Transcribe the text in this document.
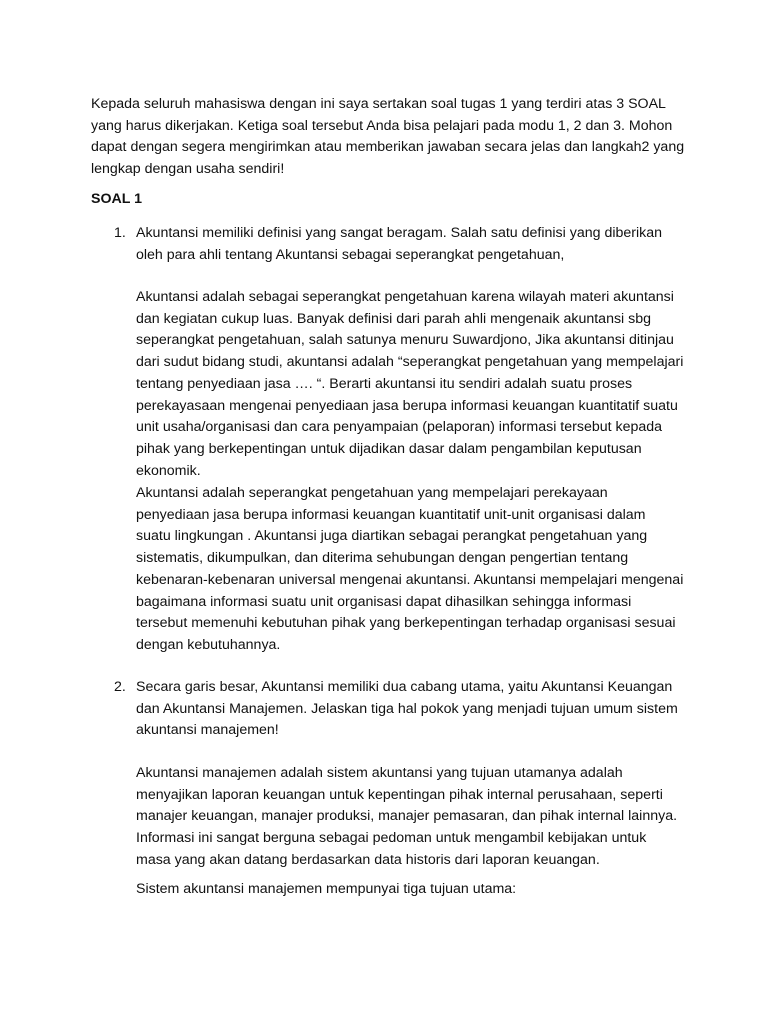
Kepada seluruh mahasiswa dengan ini saya sertakan soal tugas 1 yang terdiri atas 3 SOAL yang harus dikerjakan. Ketiga soal tersebut Anda bisa pelajari pada modu 1, 2 dan 3. Mohon dapat dengan segera mengirimkan atau memberikan jawaban secara jelas dan langkah2 yang lengkap dengan usaha sendiri!

SOAL 1

1. Akuntansi memiliki definisi yang sangat beragam. Salah satu definisi yang diberikan oleh para ahli tentang Akuntansi sebagai seperangkat pengetahuan,

Akuntansi adalah sebagai seperangkat pengetahuan karena wilayah materi akuntansi dan kegiatan cukup luas. Banyak definisi dari parah ahli mengenaik akuntansi sbg seperangkat pengetahuan, salah satunya menuru Suwardjono, Jika akuntansi ditinjau dari sudut bidang studi, akuntansi adalah “seperangkat pengetahuan yang mempelajari tentang penyediaan jasa …. “. Berarti akuntansi itu sendiri adalah suatu proses perekayasaan mengenai penyediaan jasa berupa informasi keuangan kuantitatif suatu unit usaha/organisasi dan cara penyampaian (pelaporan) informasi tersebut kepada pihak yang berkepentingan untuk dijadikan dasar dalam pengambilan keputusan ekonomik.

Akuntansi adalah seperangkat pengetahuan yang mempelajari perekayaan penyediaan jasa berupa informasi keuangan kuantitatif unit-unit organisasi dalam suatu lingkungan . Akuntansi juga diartikan sebagai perangkat pengetahuan yang sistematis, dikumpulkan, dan diterima sehubungan dengan pengertian tentang kebenaran-kebenaran universal mengenai akuntansi. Akuntansi mempelajari mengenai bagaimana informasi suatu unit organisasi dapat dihasilkan sehingga informasi tersebut memenuhi kebutuhan pihak yang berkepentingan terhadap organisasi sesuai dengan kebutuhannya.

2. Secara garis besar, Akuntansi memiliki dua cabang utama, yaitu Akuntansi Keuangan dan Akuntansi Manajemen. Jelaskan tiga hal pokok yang menjadi tujuan umum sistem akuntansi manajemen!

Akuntansi manajemen adalah sistem akuntansi yang tujuan utamanya adalah menyajikan laporan keuangan untuk kepentingan pihak internal perusahaan, seperti manajer keuangan, manajer produksi, manajer pemasaran, dan pihak internal lainnya. Informasi ini sangat berguna sebagai pedoman untuk mengambil kebijakan untuk masa yang akan datang berdasarkan data historis dari laporan keuangan.

Sistem akuntansi manajemen mempunyai tiga tujuan utama:
